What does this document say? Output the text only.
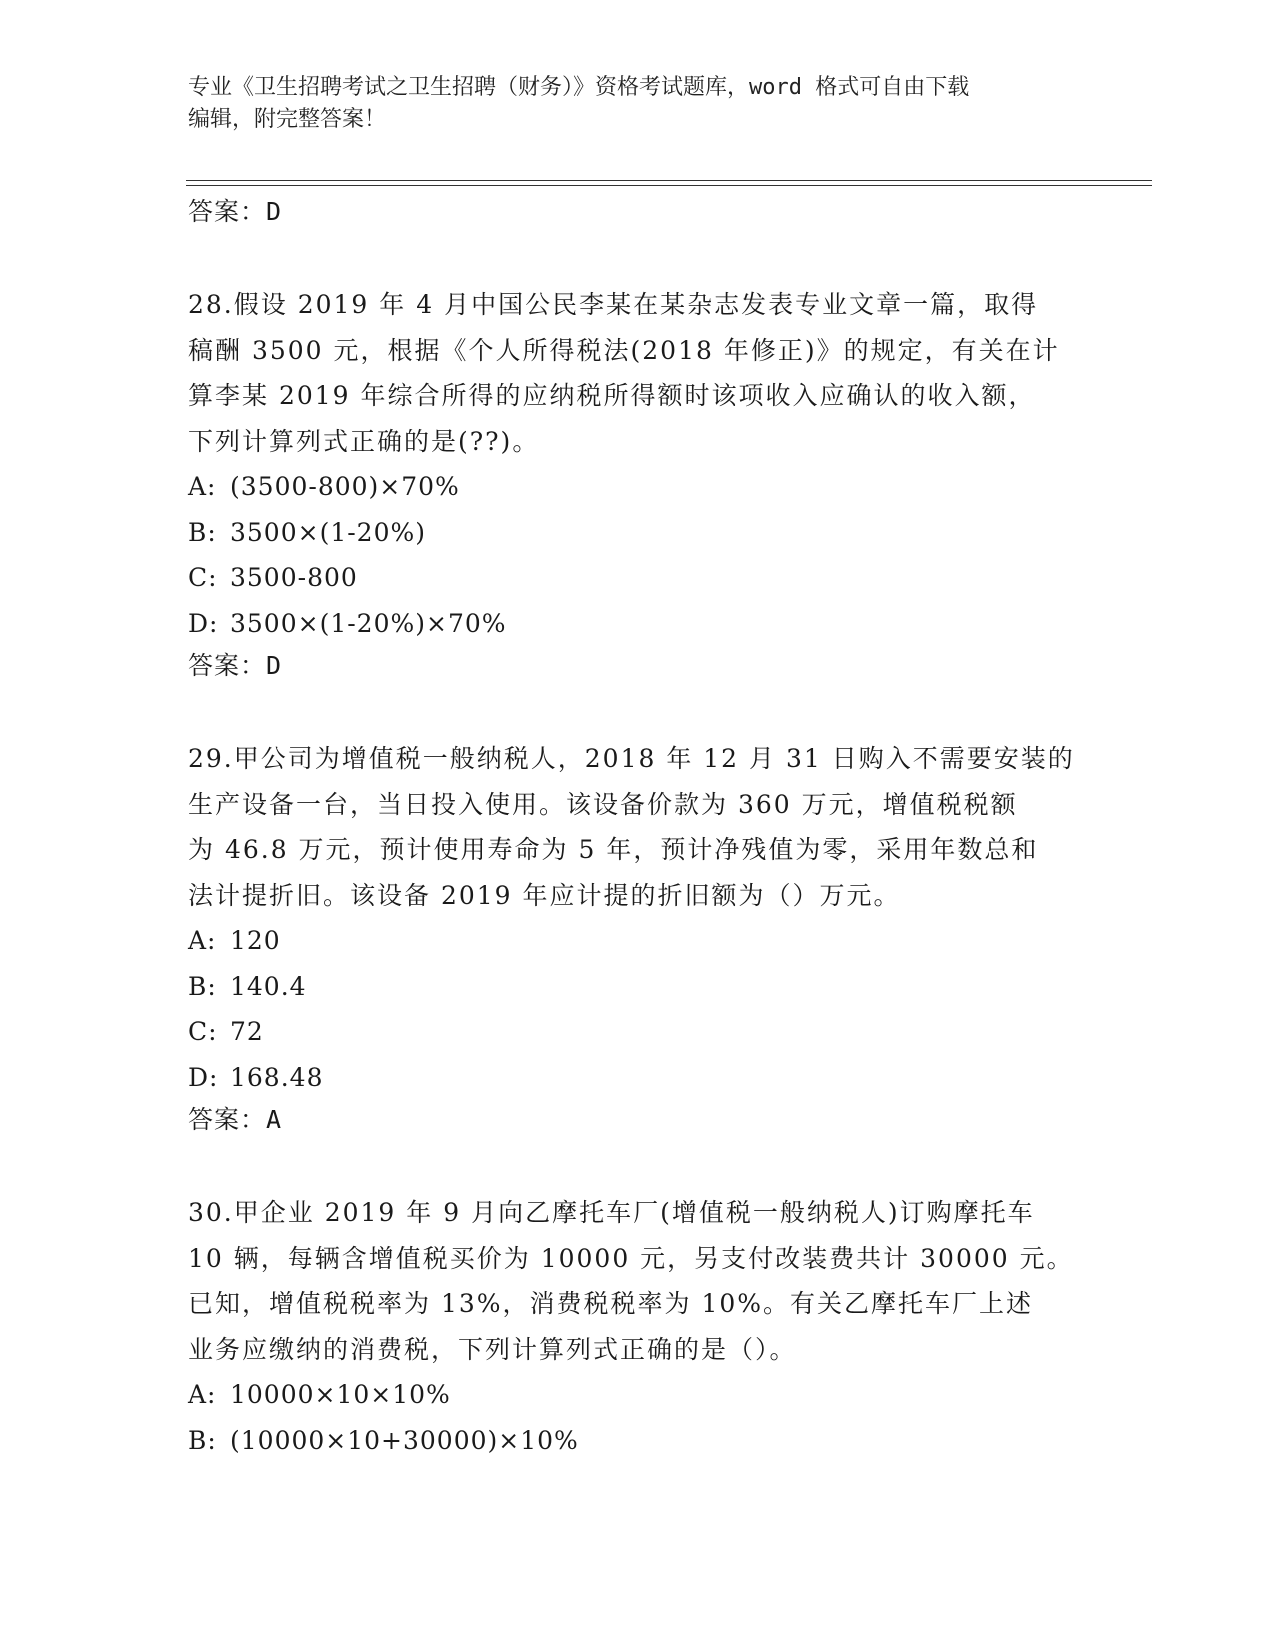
专业《卫生招聘考试之卫生招聘（财务）》资格考试题库，word 格式可自由下载
编辑，附完整答案！

答案：D

28.假设 2019 年 4 月中国公民李某在某杂志发表专业文章一篇，取得

稿酬 3500 元，根据《个人所得税法(2018 年修正)》的规定，有关在计

算李某 2019 年综合所得的应纳税所得额时该项收入应确认的收入额，

下列计算列式正确的是(??)。

A: (3500-800)×70%

B: 3500×(1-20%)

C: 3500-800

D: 3500×(1-20%)×70%

答案：D

29.甲公司为增值税一般纳税人，2018 年 12 月 31 日购入不需要安装的

生产设备一台，当日投入使用。该设备价款为 360 万元，增值税税额

为 46.8 万元，预计使用寿命为 5 年，预计净残值为零，采用年数总和

法计提折旧。该设备 2019 年应计提的折旧额为（）万元。

A: 120

B: 140.4

C: 72

D: 168.48

答案：A

30.甲企业 2019 年 9 月向乙摩托车厂(增值税一般纳税人)订购摩托车

10 辆，每辆含增值税买价为 10000 元，另支付改装费共计 30000 元。

已知，增值税税率为 13%，消费税税率为 10%。有关乙摩托车厂上述

业务应缴纳的消费税，下列计算列式正确的是（）。

A: 10000×10×10%

B: (10000×10+30000)×10%
